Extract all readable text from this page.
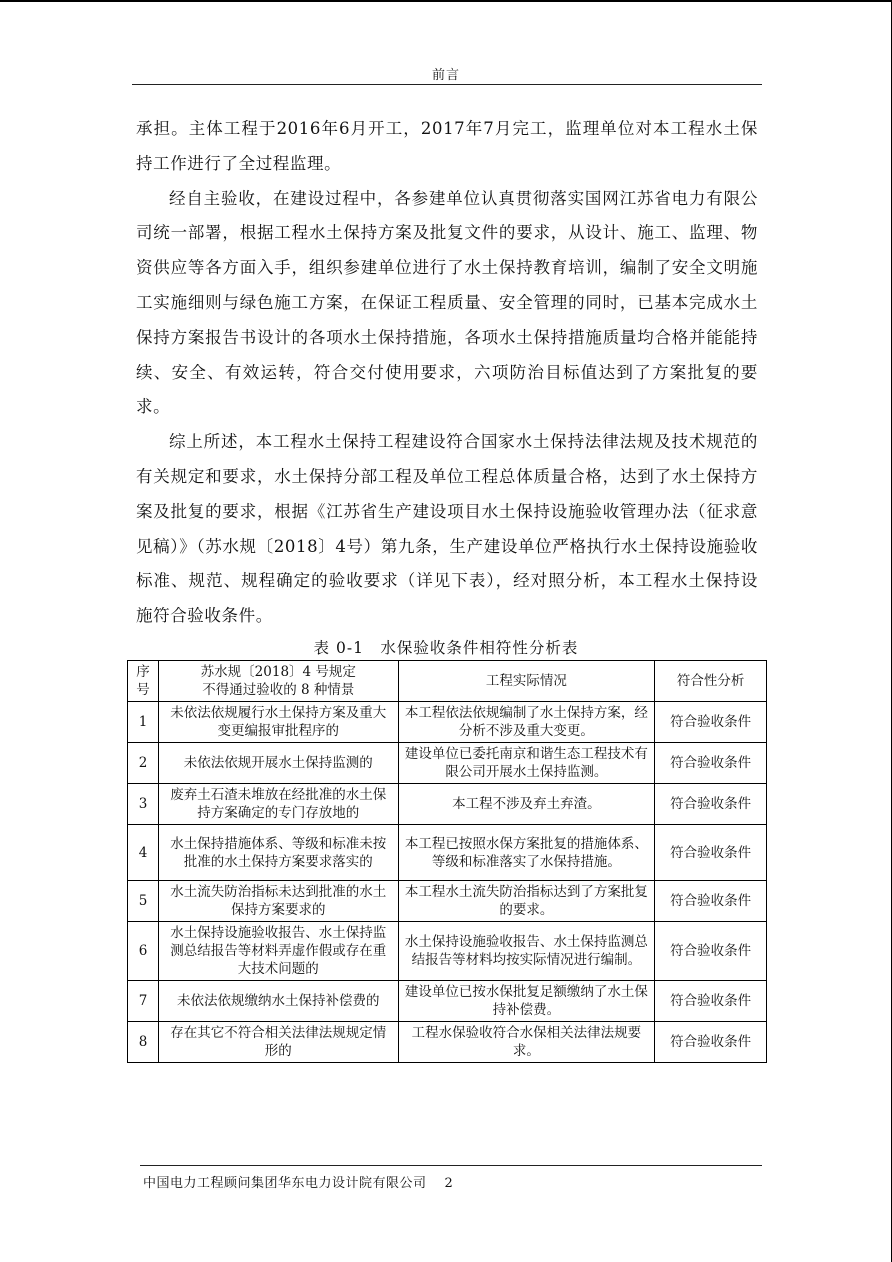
前言

承担。主体工程于2016年6月开工，2017年7月完工，监理单位对本工程水土保持工作进行了全过程监理。

经自主验收，在建设过程中，各参建单位认真贯彻落实国网江苏省电力有限公司统一部署，根据工程水土保持方案及批复文件的要求，从设计、施工、监理、物资供应等各方面入手，组织参建单位进行了水土保持教育培训，编制了安全文明施工实施细则与绿色施工方案，在保证工程质量、安全管理的同时，已基本完成水土保持方案报告书设计的各项水土保持措施，各项水土保持措施质量均合格并能能持续、安全、有效运转，符合交付使用要求，六项防治目标值达到了方案批复的要求。

综上所述，本工程水土保持工程建设符合国家水土保持法律法规及技术规范的有关规定和要求，水土保持分部工程及单位工程总体质量合格，达到了水土保持方案及批复的要求，根据《江苏省生产建设项目水土保持设施验收管理办法（征求意见稿）》（苏水规〔2018〕4号）第九条，生产建设单位严格执行水土保持设施验收标准、规范、规程确定的验收要求（详见下表），经对照分析，本工程水土保持设施符合验收条件。

表 0-1　水保验收条件相符性分析表
序号	苏水规〔2018〕4 号规定
不得通过验收的 8 种情景	工程实际情况	符合性分析
1	未依法依规履行水土保持方案及重大变更编报审批程序的	本工程依法依规编制了水土保持方案，经分析不涉及重大变更。	符合验收条件
2	未依法依规开展水土保持监测的	建设单位已委托南京和谐生态工程技术有限公司开展水土保持监测。	符合验收条件
3	废弃土石渣未堆放在经批准的水土保持方案确定的专门存放地的	本工程不涉及弃土弃渣。	符合验收条件
4	水土保持措施体系、等级和标准未按批准的水土保持方案要求落实的	本工程已按照水保方案批复的措施体系、等级和标准落实了水保持措施。	符合验收条件
5	水土流失防治指标未达到批准的水土保持方案要求的	本工程水土流失防治指标达到了方案批复的要求。	符合验收条件
6	水土保持设施验收报告、水土保持监测总结报告等材料弄虚作假或存在重大技术问题的	水土保持设施验收报告、水土保持监测总结报告等材料均按实际情况进行编制。	符合验收条件
7	未依法依规缴纳水土保持补偿费的	建设单位已按水保批复足额缴纳了水土保持补偿费。	符合验收条件
8	存在其它不符合相关法律法规规定情形的	工程水保验收符合水保相关法律法规要求。	符合验收条件
中国电力工程顾问集团华东电力设计院有限公司 2
